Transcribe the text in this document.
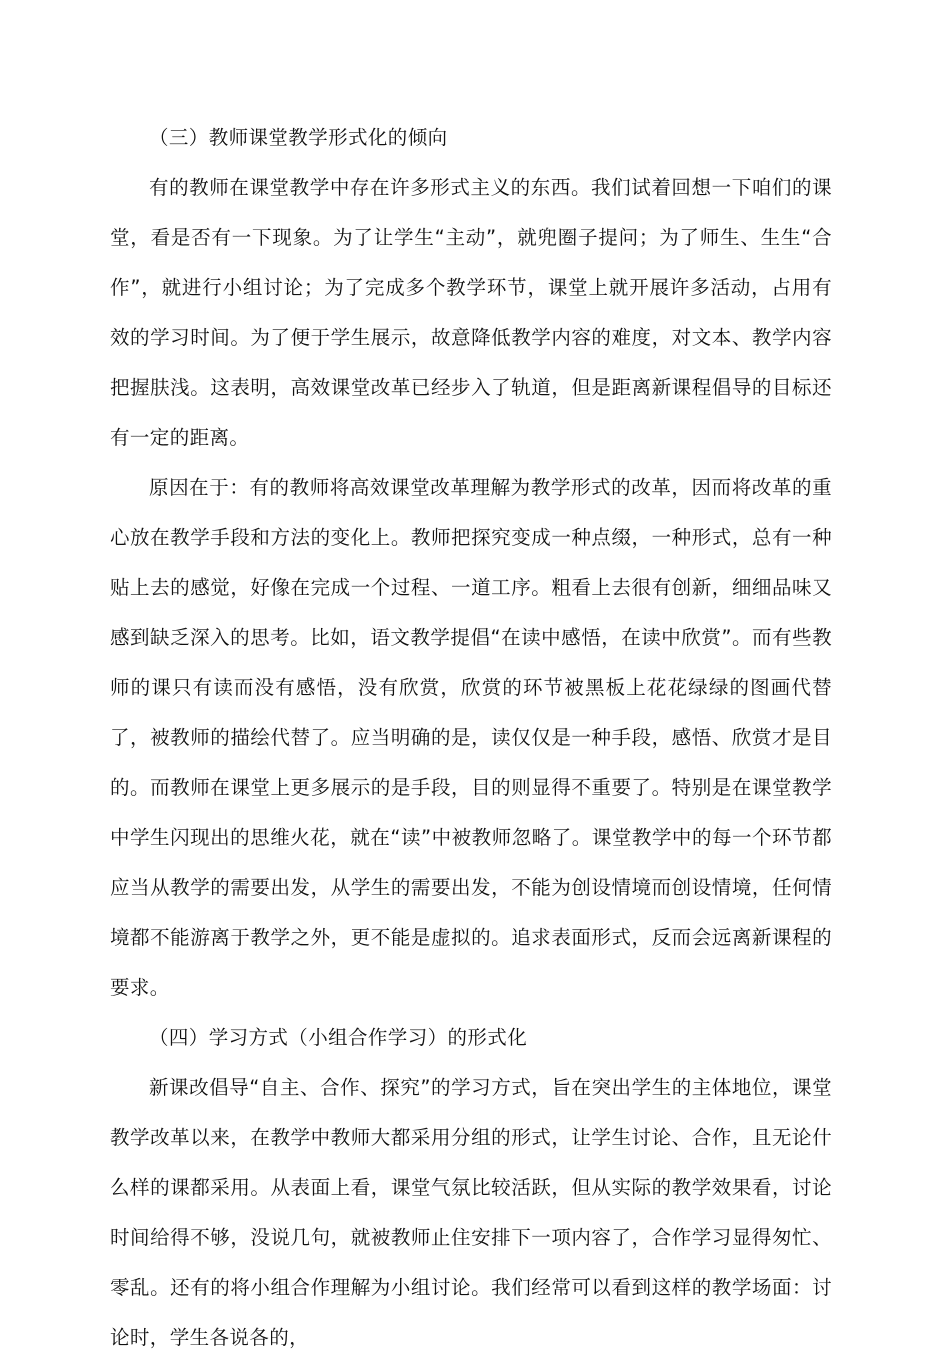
（三）教师课堂教学形式化的倾向

有的教师在课堂教学中存在许多形式主义的东西。我们试着回想一下咱们的课堂，看是否有一下现象。为了让学生“主动”，就兜圈子提问；为了师生、生生“合作”，就进行小组讨论；为了完成多个教学环节，课堂上就开展许多活动，占用有效的学习时间。为了便于学生展示，故意降低教学内容的难度，对文本、教学内容把握肤浅。这表明，高效课堂改革已经步入了轨道，但是距离新课程倡导的目标还有一定的距离。

原因在于：有的教师将高效课堂改革理解为教学形式的改革，因而将改革的重心放在教学手段和方法的变化上。教师把探究变成一种点缀，一种形式，总有一种贴上去的感觉，好像在完成一个过程、一道工序。粗看上去很有创新，细细品味又感到缺乏深入的思考。比如，语文教学提倡“在读中感悟，在读中欣赏”。而有些教师的课只有读而没有感悟，没有欣赏，欣赏的环节被黑板上花花绿绿的图画代替了，被教师的描绘代替了。应当明确的是，读仅仅是一种手段，感悟、欣赏才是目的。而教师在课堂上更多展示的是手段，目的则显得不重要了。特别是在课堂教学中学生闪现出的思维火花，就在“读”中被教师忽略了。课堂教学中的每一个环节都应当从教学的需要出发，从学生的需要出发，不能为创设情境而创设情境，任何情境都不能游离于教学之外，更不能是虚拟的。追求表面形式，反而会远离新课程的要求。

（四）学习方式（小组合作学习）的形式化

新课改倡导“自主、合作、探究”的学习方式，旨在突出学生的主体地位，课堂教学改革以来，在教学中教师大都采用分组的形式，让学生讨论、合作，且无论什么样的课都采用。从表面上看，课堂气氛比较活跃，但从实际的教学效果看，讨论时间给得不够，没说几句，就被教师止住安排下一项内容了，合作学习显得匆忙、零乱。还有的将小组合作理解为小组讨论。我们经常可以看到这样的教学场面：讨论时，学生各说各的，
